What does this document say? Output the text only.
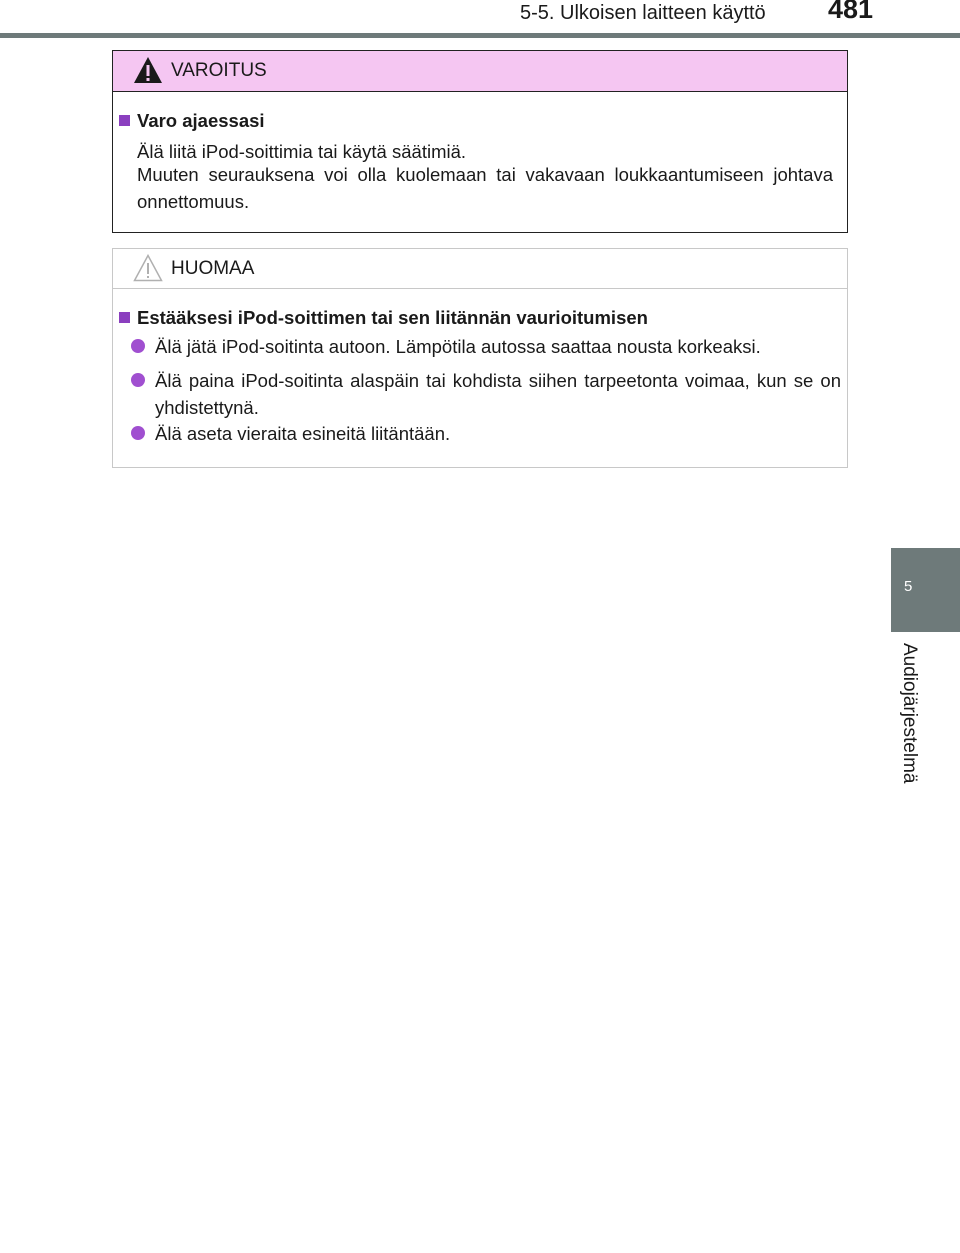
5-5. Ulkoisen laitteen käyttö 481
5
Audiojärjestelmä
VAROITUS
Varo ajaessasi
Älä liitä iPod-soittimia tai käytä säätimiä.
Muuten seurauksena voi olla kuolemaan tai vakavaan loukkaantumiseen johtava onnettomuus.
HUOMAA
Estääksesi iPod-soittimen tai sen liitännän vaurioitumisen
Älä jätä iPod-soitinta autoon. Lämpötila autossa saattaa nousta korkeaksi.
Älä paina iPod-soitinta alaspäin tai kohdista siihen tarpeetonta voimaa, kun se on yhdistettynä.
Älä aseta vieraita esineitä liitäntään.
